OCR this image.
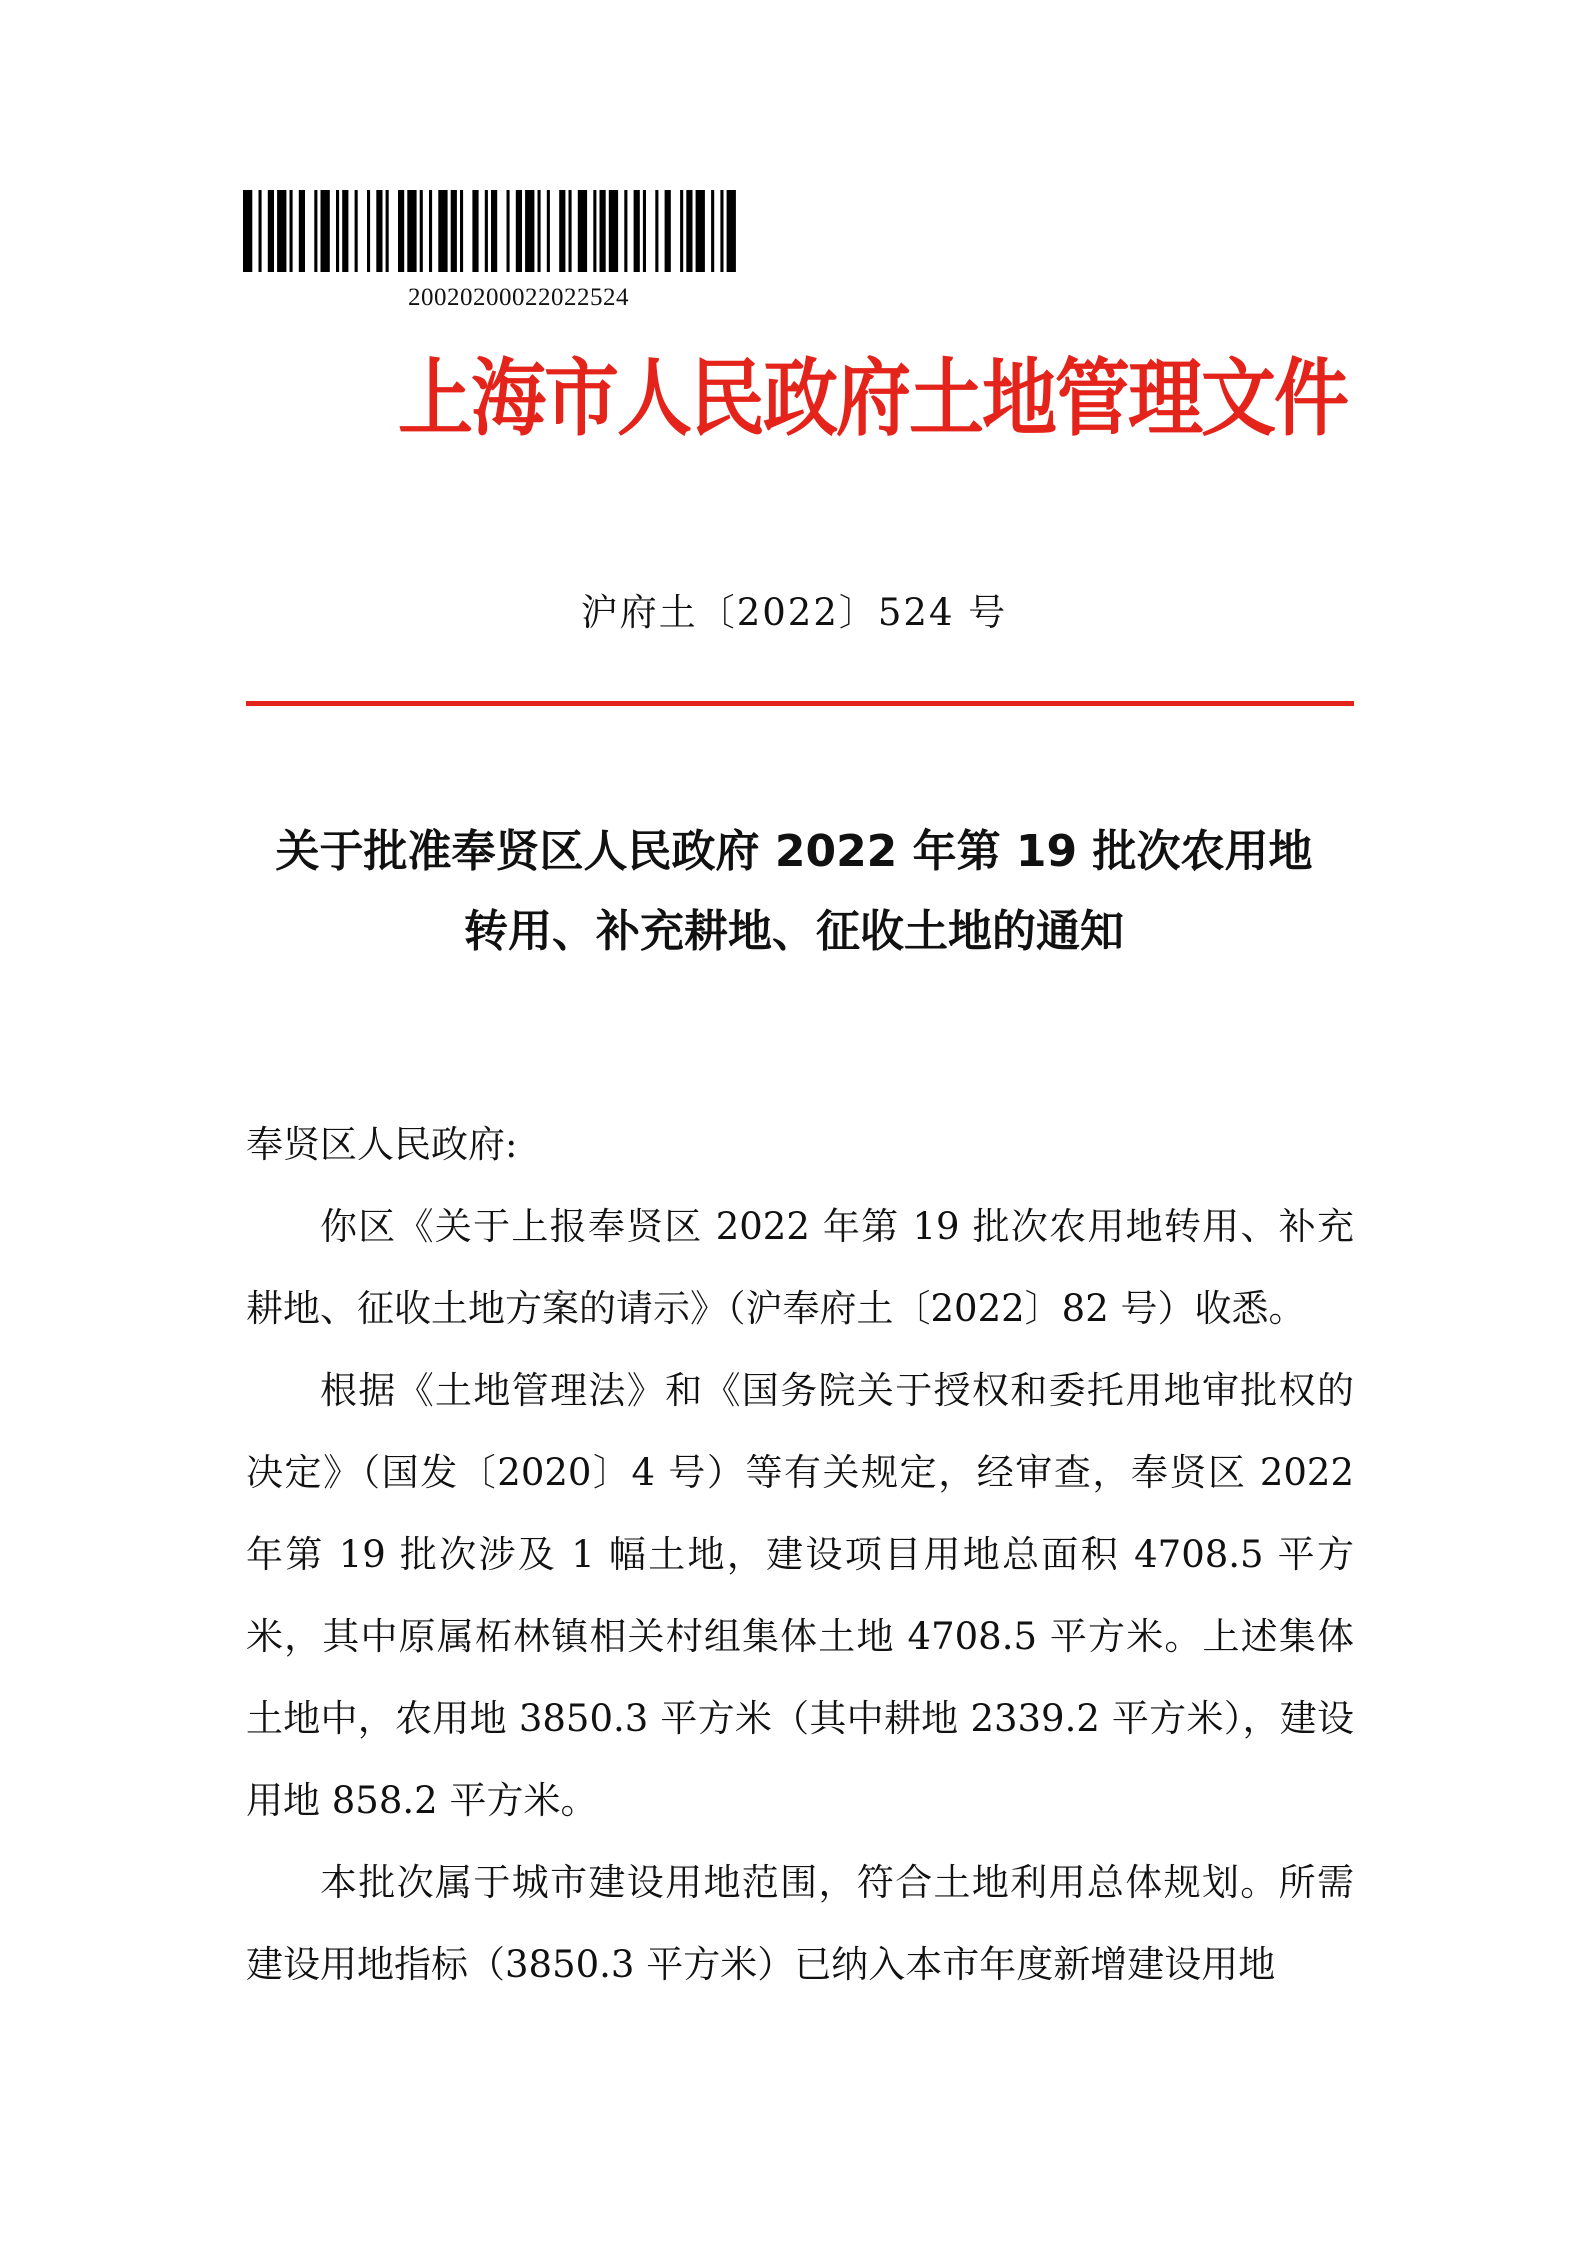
20020200022022524
上海市人民政府土地管理文件
沪府土〔2022〕524 号
关于批准奉贤区人民政府 2022 年第 19 批次农用地
转用、补充耕地、征收土地的通知

奉贤区人民政府:

你区《关于上报奉贤区 2022 年第 19 批次农用地转用、补充耕地、征收土地方案的请示》（沪奉府土〔2022〕82 号）收悉。

根据《土地管理法》和《国务院关于授权和委托用地审批权的决定》（国发〔2020〕4 号）等有关规定，经审查，奉贤区 2022 年第 19 批次涉及 1 幅土地，建设项目用地总面积 4708.5 平方米，其中原属柘林镇相关村组集体土地 4708.5 平方米。上述集体土地中，农用地 3850.3 平方米（其中耕地 2339.2 平方米），建设用地 858.2 平方米。

本批次属于城市建设用地范围，符合土地利用总体规划。所需建设用地指标（3850.3 平方米）已纳入本市年度新增建设用地
